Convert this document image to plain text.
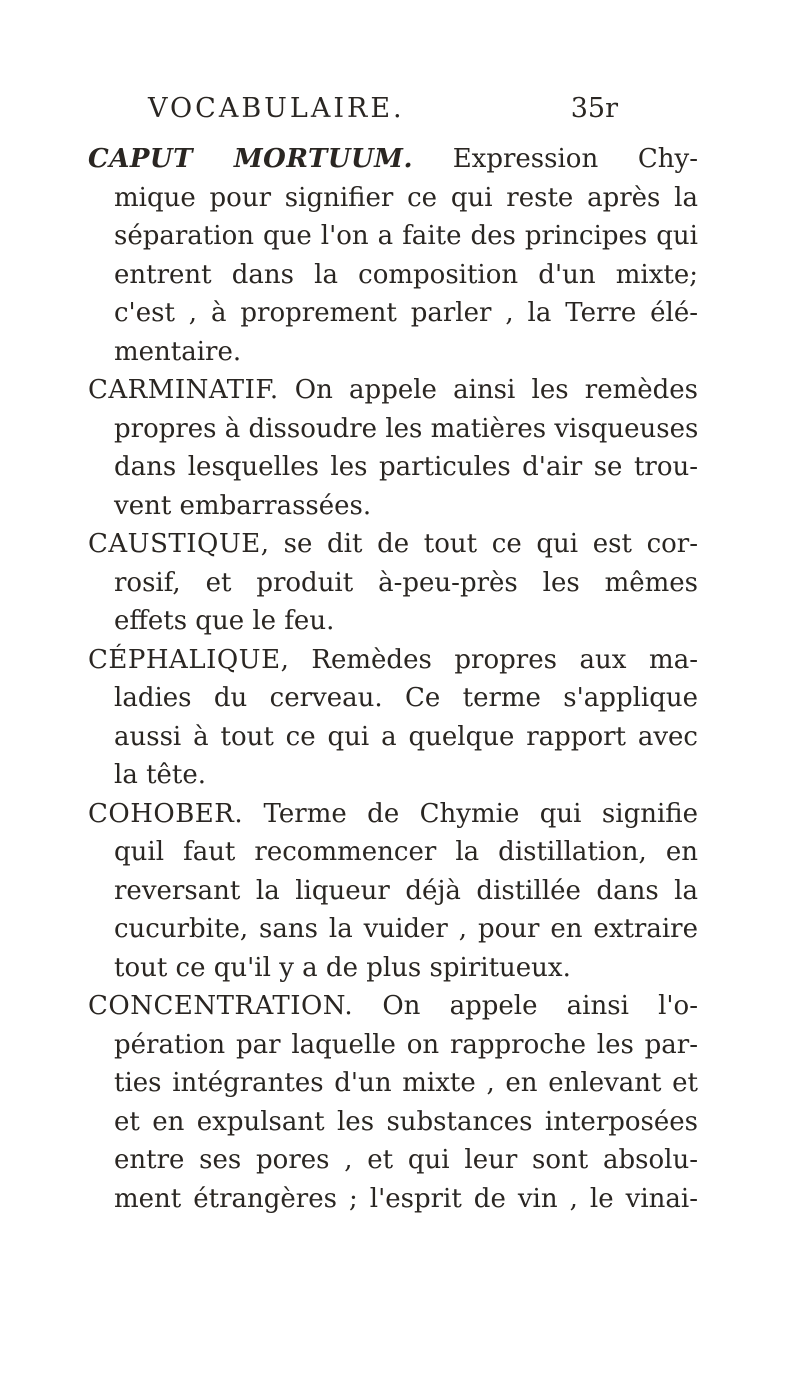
VOCABULAIRE.	35r
CAPUT MORTUUM. Expression Chy-
mique pour signifier ce qui reste après la
séparation que l'on a faite des principes qui
entrent dans la composition d'un mixte;
c'est , à proprement parler , la Terre élé-
mentaire.
CARMINATIF. On appele ainsi les remèdes
propres à dissoudre les matières visqueuses
dans lesquelles les particules d'air se trou-
vent embarrassées.
CAUSTIQUE, se dit de tout ce qui est cor-
rosif, et produit à-peu-près les mêmes
effets que le feu.
CÉPHALIQUE, Remèdes propres aux ma-
ladies du cerveau. Ce terme s'applique
aussi à tout ce qui a quelque rapport avec
la tête.
COHOBER. Terme de Chymie qui signifie
quil faut recommencer la distillation, en
reversant la liqueur déjà distillée dans la
cucurbite, sans la vuider , pour en extraire
tout ce qu'il y a de plus spiritueux.
CONCENTRATION. On appele ainsi l'o-
pération par laquelle on rapproche les par-
ties intégrantes d'un mixte , en enlevant et
et en expulsant les substances interposées
entre ses pores , et qui leur sont absolu-
ment étrangères ; l'esprit de vin , le vinai-
